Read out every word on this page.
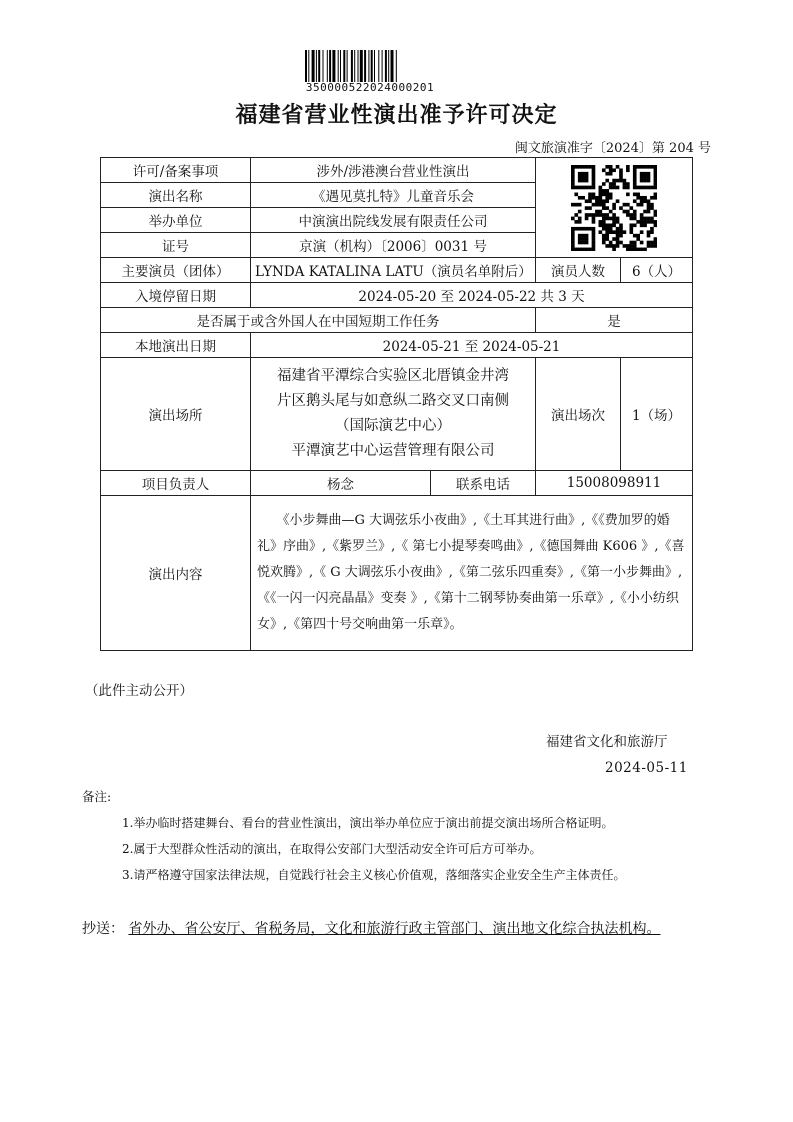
350000522024000201
福建省营业性演出准予许可决定
闽文旅演准字〔2024〕第 204 号
许可/备案事项	涉外/涉港澳台营业性演出	

演出名称	《遇见莫扎特》儿童音乐会			
举办单位	中演演出院线发展有限责任公司			
证号	京演（机构）〔2006〕0031 号			
主要演员（团体）	LYNDA KATALINA LATU（演员名单附后）		演员人数	6（人）
入境停留日期	2024-05-20 至 2024-05-22 共 3 天			
是否属于或含外国人在中国短期工作任务			是	
本地演出日期	2024-05-21 至 2024-05-21			
演出场所	福建省平潭综合实验区北厝镇金井湾
片区鹅头尾与如意纵二路交叉口南侧
（国际演艺中心）
平潭演艺中心运营管理有限公司		演出场次	1（场）
项目负责人	杨念	联系电话	15008098911	
演出内容	　　《小步舞曲—G 大调弦乐小夜曲》,《土耳其进行曲》,《《费加罗的婚礼》序曲》,《紫罗兰》,《 第七小提琴奏鸣曲》,《德国舞曲 K606 》,《喜悦欢腾》,《 G 大调弦乐小夜曲》,《第二弦乐四重奏》,《第一小步舞曲》,《《一闪一闪亮晶晶》变奏 》,《第十二钢琴协奏曲第一乐章》,《小小纺织女》,《第四十号交响曲第一乐章》。			
（此件主动公开）
福建省文化和旅游厅
2024-05-11
备注:
1.举办临时搭建舞台、看台的营业性演出，演出举办单位应于演出前提交演出场所合格证明。
2.属于大型群众性活动的演出，在取得公安部门大型活动安全许可后方可举办。
3.请严格遵守国家法律法规，自觉践行社会主义核心价值观，落细落实企业安全生产主体责任。
抄送： 省外办、省公安厅、省税务局，文化和旅游行政主管部门、演出地文化综合执法机构。
